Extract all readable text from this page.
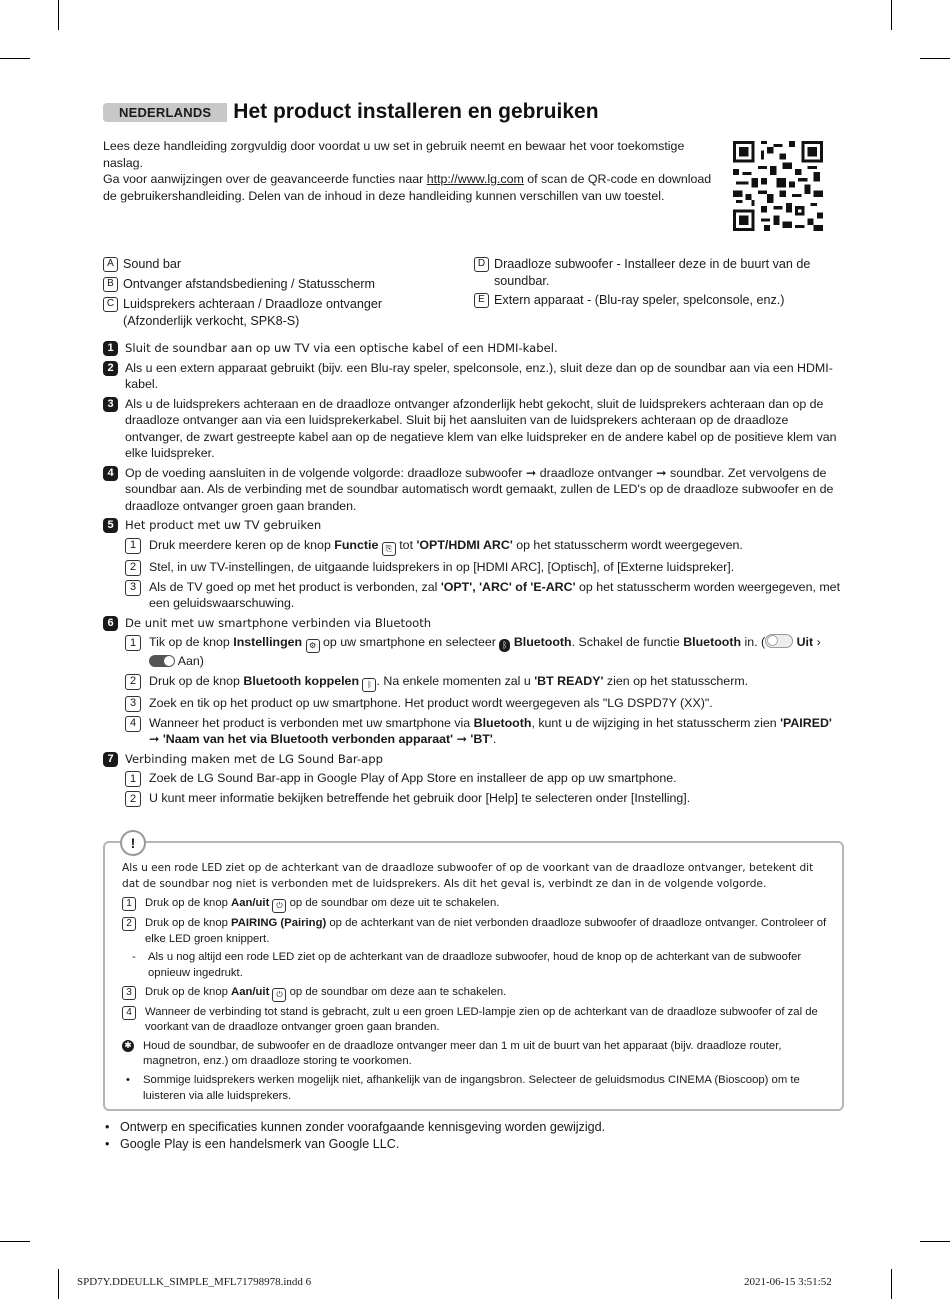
NEDERLANDS	Het product installeren en gebruiken
Lees deze handleiding zorgvuldig door voordat u uw set in gebruik neemt en bewaar het voor toekomstige naslag.
Ga voor aanwijzingen over de geavanceerde functies naar http://www.lg.com of scan de QR-code en download de gebruikershandleiding. Delen van de inhoud in deze handleiding kunnen verschillen van uw toestel.
A Sound bar
B Ontvanger afstandsbediening / Statusscherm
C Luidsprekers achteraan / Draadloze ontvanger (Afzonderlijk verkocht, SPK8-S)
D Draadloze subwoofer - Installeer deze in de buurt van de soundbar.
E Extern apparaat - (Blu-ray speler, spelconsole, enz.)
1 Sluit de soundbar aan op uw TV via een optische kabel of een HDMI-kabel.
2 Als u een extern apparaat gebruikt (bijv. een Blu-ray speler, spelconsole, enz.), sluit deze dan op de soundbar aan via een HDMI-kabel.
3 Als u de luidsprekers achteraan en de draadloze ontvanger afzonderlijk hebt gekocht, sluit de luidsprekers achteraan dan op de draadloze ontvanger aan via een luidsprekerkabel. Sluit bij het aansluiten van de luidsprekers achteraan op de draadloze ontvanger, de zwart gestreepte kabel aan op de negatieve klem van elke luidspreker en de andere kabel op de positieve klem van elke luidspreker.
4 Op de voeding aansluiten in de volgende volgorde: draadloze subwoofer ➞ draadloze ontvanger ➞ soundbar. Zet vervolgens de soundbar aan. Als de verbinding met de soundbar automatisch wordt gemaakt, zullen de LED's op de draadloze subwoofer en de draadloze ontvanger groen gaan branden.
5 Het product met uw TV gebruiken
1	Druk meerdere keren op de knop Functie ⎘ tot 'OPT/HDMI ARC' op het statusscherm wordt weergegeven.
2	Stel, in uw TV-instellingen, de uitgaande luidsprekers in op [HDMI ARC], [Optisch], of [Externe luidspreker].
3	Als de TV goed op met het product is verbonden, zal 'OPT', 'ARC' of 'E-ARC' op het statusscherm worden weergegeven, met een geluidswaarschuwing.
6 De unit met uw smartphone verbinden via Bluetooth
1	Tik op de knop Instellingen ⚙ op uw smartphone en selecteer ᛒ Bluetooth. Schakel de functie Bluetooth in. (	Uit ›  Aan)
2	Druk op de knop Bluetooth koppelen ᛒ . Na enkele momenten zal u 'BT READY' zien op het statusscherm.
3	Zoek en tik op het product op uw smartphone. Het product wordt weergegeven als "LG DSPD7Y (XX)".
4	Wanneer het product is verbonden met uw smartphone via Bluetooth, kunt u de wijziging in het statusscherm zien 'PAIRED' ➞ 'Naam van het via Bluetooth verbonden apparaat' ➞ 'BT'.
7 Verbinding maken met de LG Sound Bar-app
1	Zoek de LG Sound Bar-app in Google Play of App Store en installeer de app op uw smartphone.
2	U kunt meer informatie bekijken betreffende het gebruik door [Help] te selecteren onder [Instelling].
!
Als u een rode LED ziet op de achterkant van de draadloze subwoofer of op de voorkant van de draadloze ontvanger, betekent dit dat de soundbar nog niet is verbonden met de luidsprekers. Als dit het geval is, verbindt ze dan in de volgende volgorde.
1	Druk op de knop Aan/uit ⏻ op de soundbar om deze uit te schakelen.
2	Druk op de knop PAIRING (Pairing) op de achterkant van de niet verbonden draadloze subwoofer of draadloze ontvanger. Controleer of elke LED groen knippert.
-	Als u nog altijd een rode LED ziet op de achterkant van de draadloze subwoofer, houd de knop op de achterkant van de subwoofer opnieuw ingedrukt.
3	Druk op de knop Aan/uit ⏻ op de soundbar om deze aan te schakelen.
4	Wanneer de verbinding tot stand is gebracht, zult u een groen LED-lampje zien op de achterkant van de draadloze subwoofer of zal de voorkant van de draadloze ontvanger groen gaan branden.
✱ Houd de soundbar, de subwoofer en de draadloze ontvanger meer dan 1 m uit de buurt van het apparaat (bijv. draadloze router, magnetron, enz.) om draadloze storing te voorkomen.
•	Sommige luidsprekers werken mogelijk niet, afhankelijk van de ingangsbron. Selecteer de geluidsmodus CINEMA (Bioscoop) om te luisteren via alle luidsprekers.
• Ontwerp en specificaties kunnen zonder voorafgaande kennisgeving worden gewijzigd.
• Google Play is een handelsmerk van Google LLC.
SPD7Y.DDEULLK_SIMPLE_MFL71798978.indd 6	2021-06-15 3:51:52
